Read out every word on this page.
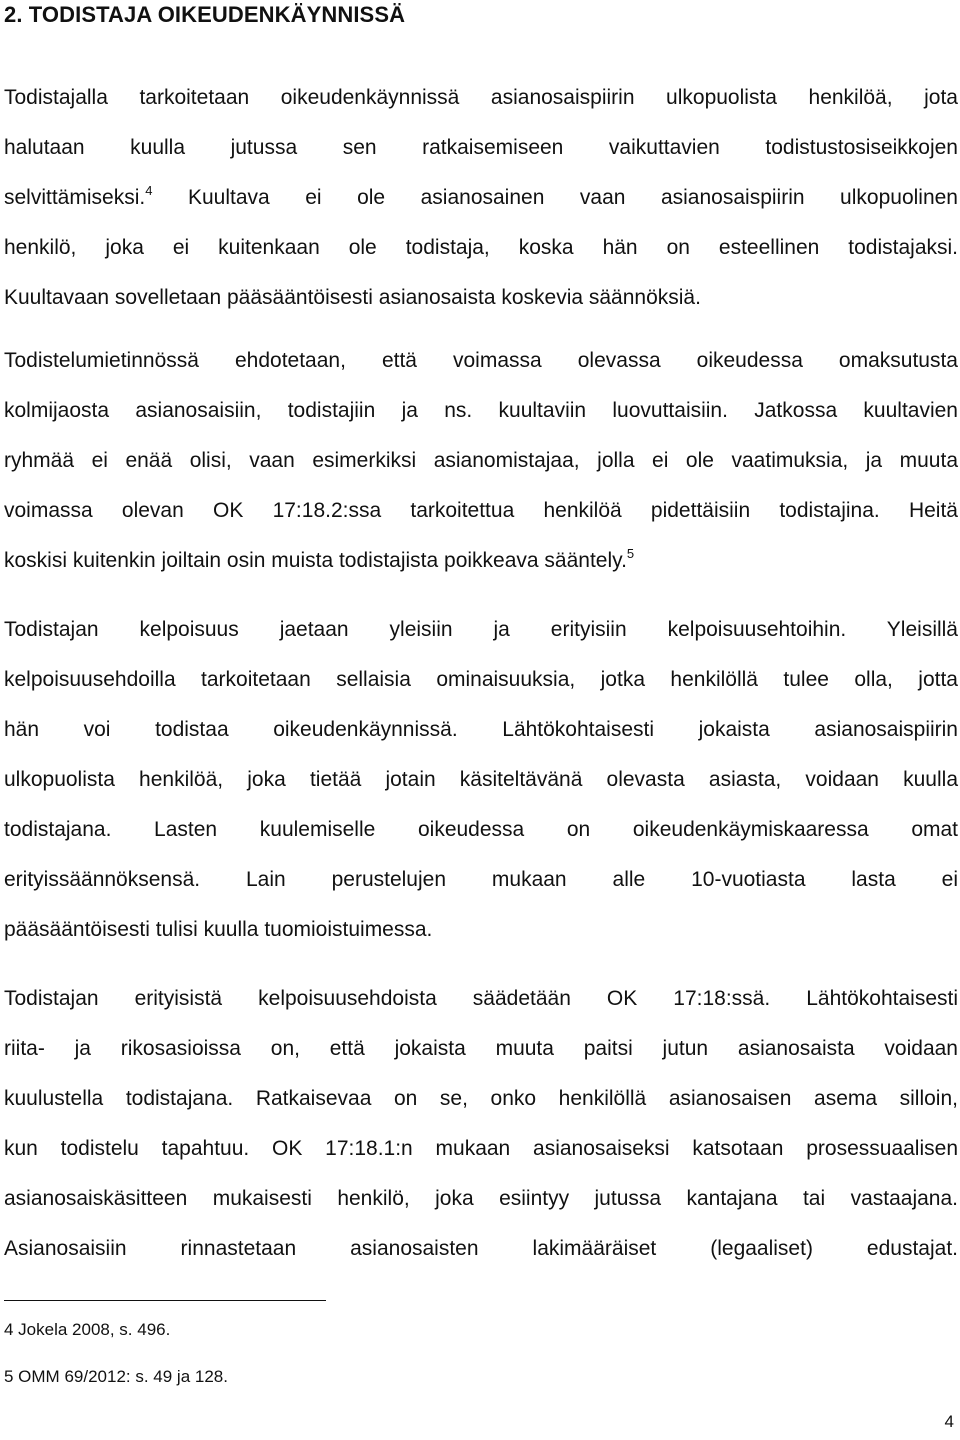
2. TODISTAJA OIKEUDENKÄYNNISSÄ
Todistajalla tarkoitetaan oikeudenkäynnissä asianosaispiirin ulkopuolista henkilöä, jota
halutaan kuulla jutussa sen ratkaisemiseen vaikuttavien todistustosiseikkojen
selvittämiseksi.$^4$ Kuultava ei ole asianosainen vaan asianosaispiirin ulkopuolinen
henkilö, joka ei kuitenkaan ole todistaja, koska hän on esteellinen todistajaksi.
Kuultavaan sovelletaan pääsääntöisesti asianosaista koskevia säännöksiä.
Todistelumietinnössä ehdotetaan, että voimassa olevassa oikeudessa omaksutusta
kolmijaosta asianosaisiin, todistajiin ja ns. kuultaviin luovuttaisiin. Jatkossa kuultavien
ryhmää ei enää olisi, vaan esimerkiksi asianomistajaa, jolla ei ole vaatimuksia, ja muuta
voimassa olevan OK 17:18.2:ssa tarkoitettua henkilöä pidettäisiin todistajina. Heitä
koskisi kuitenkin joiltain osin muista todistajista poikkeava sääntely.$^5$
Todistajan kelpoisuus jaetaan yleisiin ja erityisiin kelpoisuusehtoihin. Yleisillä
kelpoisuusehdoilla tarkoitetaan sellaisia ominaisuuksia, jotka henkilöllä tulee olla, jotta
hän voi todistaa oikeudenkäynnissä. Lähtökohtaisesti jokaista asianosaispiirin
ulkopuolista henkilöä, joka tietää jotain käsiteltävänä olevasta asiasta, voidaan kuulla
todistajana. Lasten kuulemiselle oikeudessa on oikeudenkäymiskaaressa omat
erityissäännöksensä. Lain perustelujen mukaan alle 10-vuotiasta lasta ei
pääsääntöisesti tulisi kuulla tuomioistuimessa.
Todistajan erityisistä kelpoisuusehdoista säädetään OK 17:18:ssä. Lähtökohtaisesti
riita- ja rikosasioissa on, että jokaista muuta paitsi jutun asianosaista voidaan
kuulustella todistajana. Ratkaisevaa on se, onko henkilöllä asianosaisen asema silloin,
kun todistelu tapahtuu. OK 17:18.1:n mukaan asianosaiseksi katsotaan prosessuaalisen
asianosaiskäsitteen mukaisesti henkilö, joka esiintyy jutussa kantajana tai vastaajana.
Asianosaisiin rinnastetaan asianosaisten lakimääräiset (legaaliset) edustajat.
4 Jokela 2008, s. 496.
5 OMM 69/2012: s. 49 ja 128.
4
